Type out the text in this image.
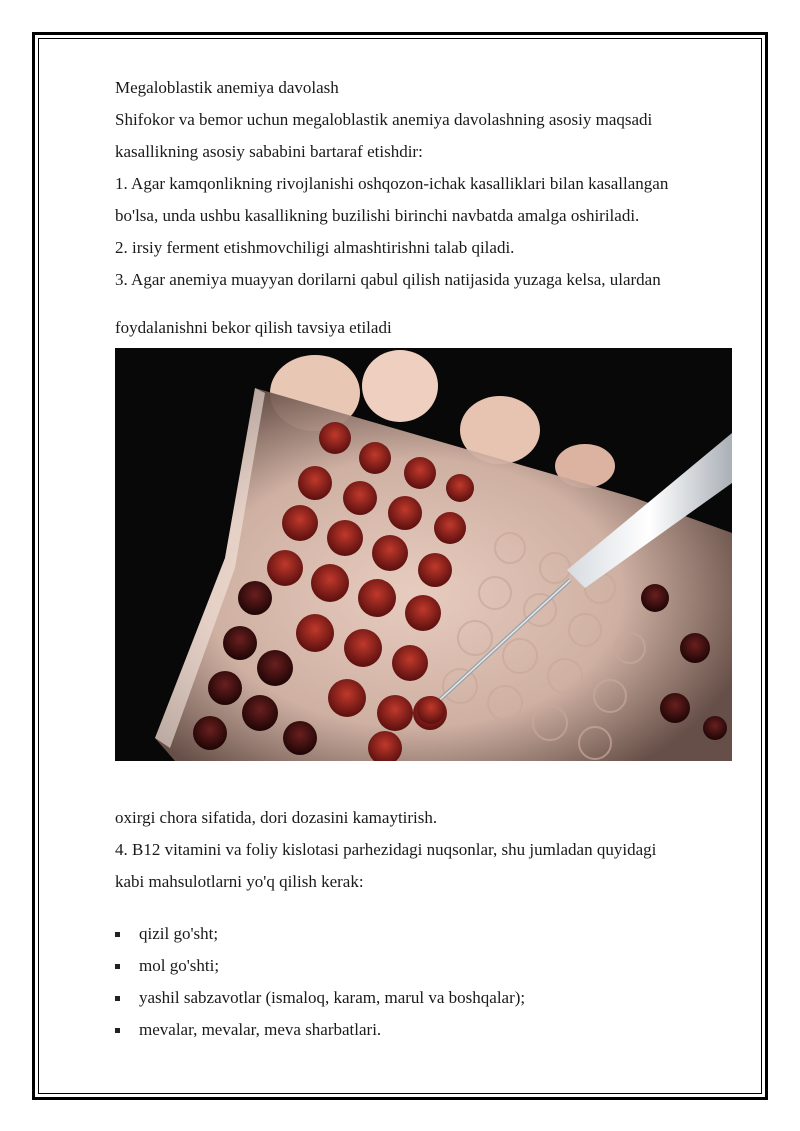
Megaloblastik anemiya davolash
Shifokor va bemor uchun megaloblastik anemiya davolashning asosiy maqsadi
kasallikning asosiy sababini bartaraf etishdir:
1. Agar kamqonlikning rivojlanishi oshqozon-ichak kasalliklari bilan kasallangan
bo'lsa, unda ushbu kasallikning buzilishi birinchi navbatda amalga oshiriladi.
2. irsiy ferment etishmovchiligi almashtirishni talab qiladi.
3. Agar anemiya muayyan dorilarni qabul qilish natijasida yuzaga kelsa, ulardan
foydalanishni bekor qilish tavsiya etiladi
oxirgi chora sifatida, dori dozasini kamaytirish.
4. B12 vitamini va foliy kislotasi parhezidagi nuqsonlar, shu jumladan quyidagi
kabi mahsulotlarni yo'q qilish kerak:
qizil go'sht;
mol go'shti;
yashil sabzavotlar (ismaloq, karam, marul va boshqalar);
mevalar, mevalar, meva sharbatlari.
